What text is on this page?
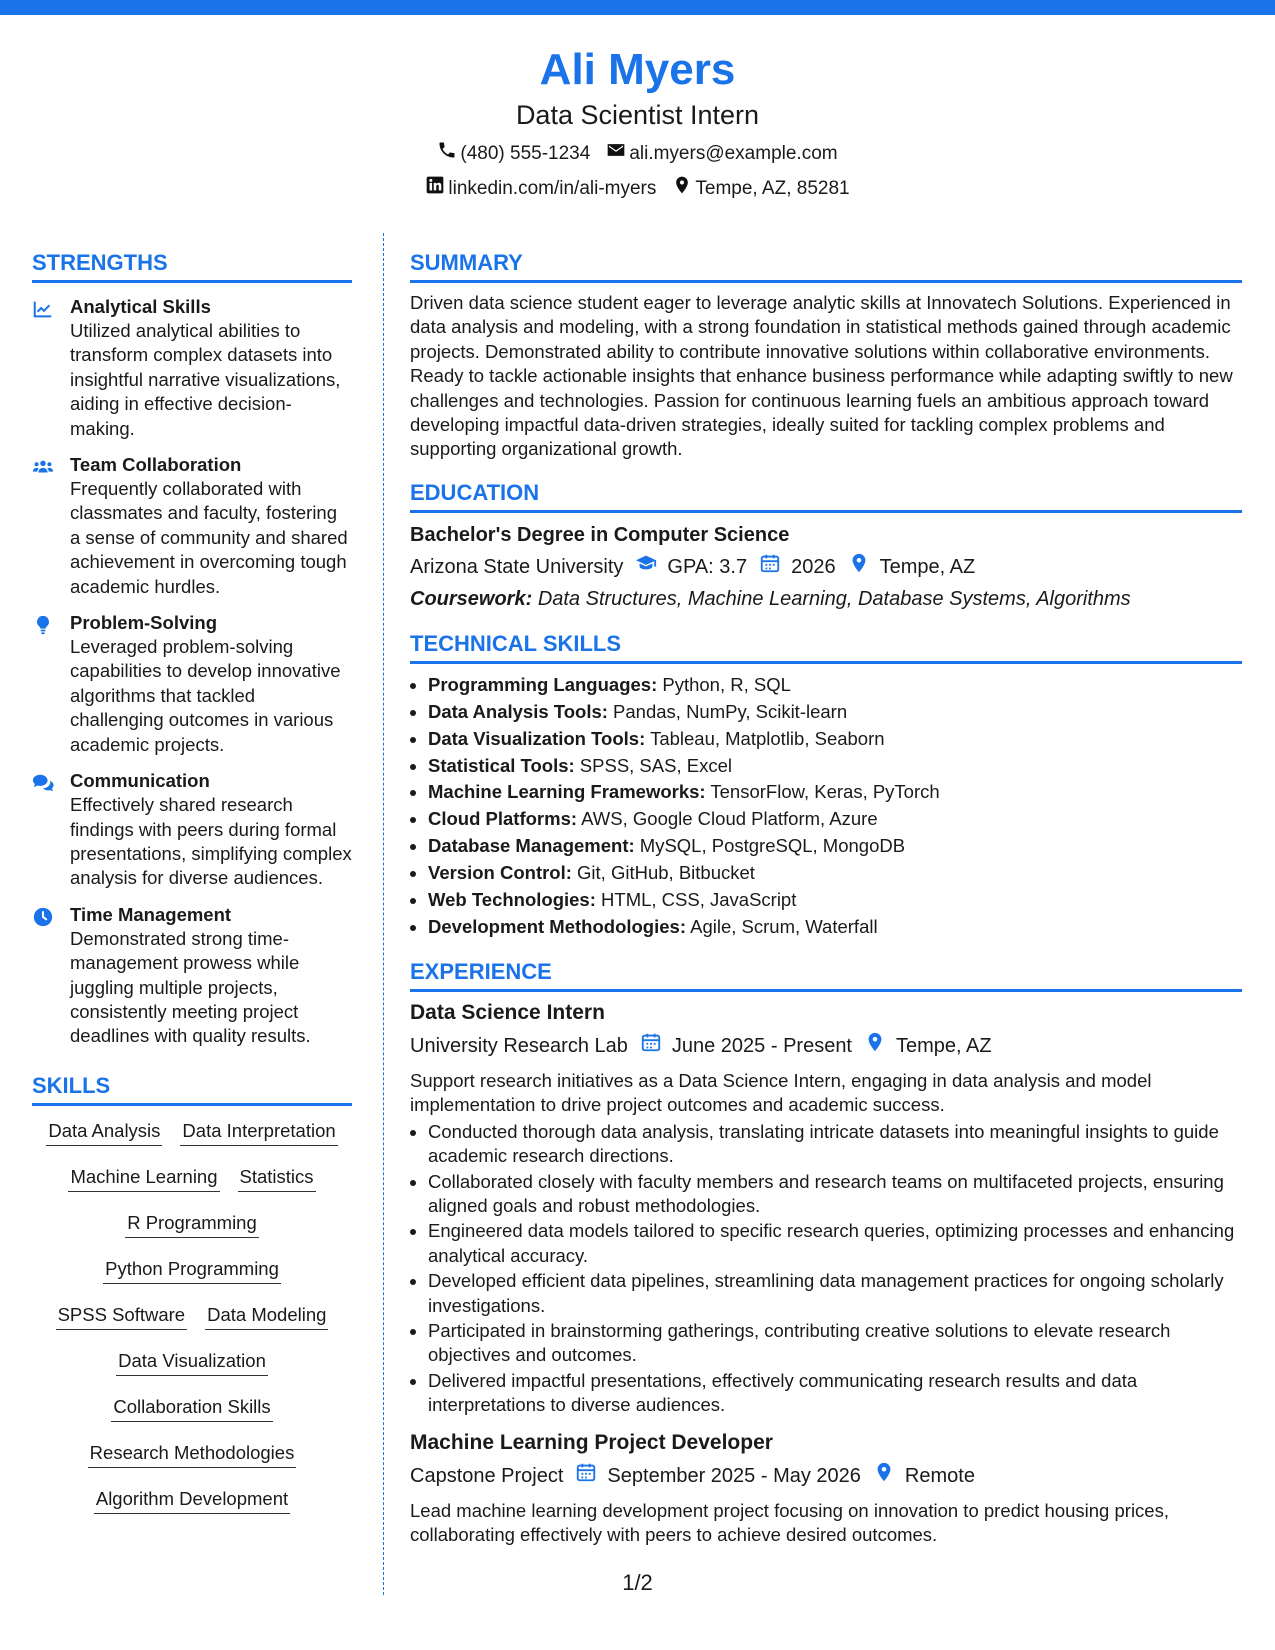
Ali Myers
Data Scientist Intern
(480) 555-1234 ali.myers@example.com
linkedin.com/in/ali-myers Tempe, AZ, 85281
STRENGTHS
Analytical Skills
Utilized analytical abilities to transform complex datasets into insightful narrative visualizations, aiding in effective decision-making.
Team Collaboration
Frequently collaborated with classmates and faculty, fostering a sense of community and shared achievement in overcoming tough academic hurdles.
Problem-Solving
Leveraged problem-solving capabilities to develop innovative algorithms that tackled challenging outcomes in various academic projects.
Communication
Effectively shared research findings with peers during formal presentations, simplifying complex analysis for diverse audiences.
Time Management
Demonstrated strong time-management prowess while juggling multiple projects, consistently meeting project deadlines with quality results.
SKILLS
Data Analysis Data Interpretation
Machine Learning Statistics
R Programming
Python Programming
SPSS Software Data Modeling
Data Visualization
Collaboration Skills
Research Methodologies
Algorithm Development
SUMMARY
Driven data science student eager to leverage analytic skills at Innovatech Solutions. Experienced in data analysis and modeling, with a strong foundation in statistical methods gained through academic projects. Demonstrated ability to contribute innovative solutions within collaborative environments. Ready to tackle actionable insights that enhance business performance while adapting swiftly to new challenges and technologies. Passion for continuous learning fuels an ambitious approach toward developing impactful data-driven strategies, ideally suited for tackling complex problems and supporting organizational growth.
EDUCATION
Bachelor's Degree in Computer Science
Arizona State University GPA: 3.7 2026 Tempe, AZ
Coursework: Data Structures, Machine Learning, Database Systems, Algorithms
TECHNICAL SKILLS
• Programming Languages: Python, R, SQL
• Data Analysis Tools: Pandas, NumPy, Scikit-learn
• Data Visualization Tools: Tableau, Matplotlib, Seaborn
• Statistical Tools: SPSS, SAS, Excel
• Machine Learning Frameworks: TensorFlow, Keras, PyTorch
• Cloud Platforms: AWS, Google Cloud Platform, Azure
• Database Management: MySQL, PostgreSQL, MongoDB
• Version Control: Git, GitHub, Bitbucket
• Web Technologies: HTML, CSS, JavaScript
• Development Methodologies: Agile, Scrum, Waterfall
EXPERIENCE
Data Science Intern
University Research Lab June 2025 - Present Tempe, AZ
Support research initiatives as a Data Science Intern, engaging in data analysis and model implementation to drive project outcomes and academic success.
• Conducted thorough data analysis, translating intricate datasets into meaningful insights to guide academic research directions.
• Collaborated closely with faculty members and research teams on multifaceted projects, ensuring aligned goals and robust methodologies.
• Engineered data models tailored to specific research queries, optimizing processes and enhancing analytical accuracy.
• Developed efficient data pipelines, streamlining data management practices for ongoing scholarly investigations.
• Participated in brainstorming gatherings, contributing creative solutions to elevate research objectives and outcomes.
• Delivered impactful presentations, effectively communicating research results and data interpretations to diverse audiences.
Machine Learning Project Developer
Capstone Project September 2025 - May 2026 Remote
Lead machine learning development project focusing on innovation to predict housing prices, collaborating effectively with peers to achieve desired outcomes.
1/2
